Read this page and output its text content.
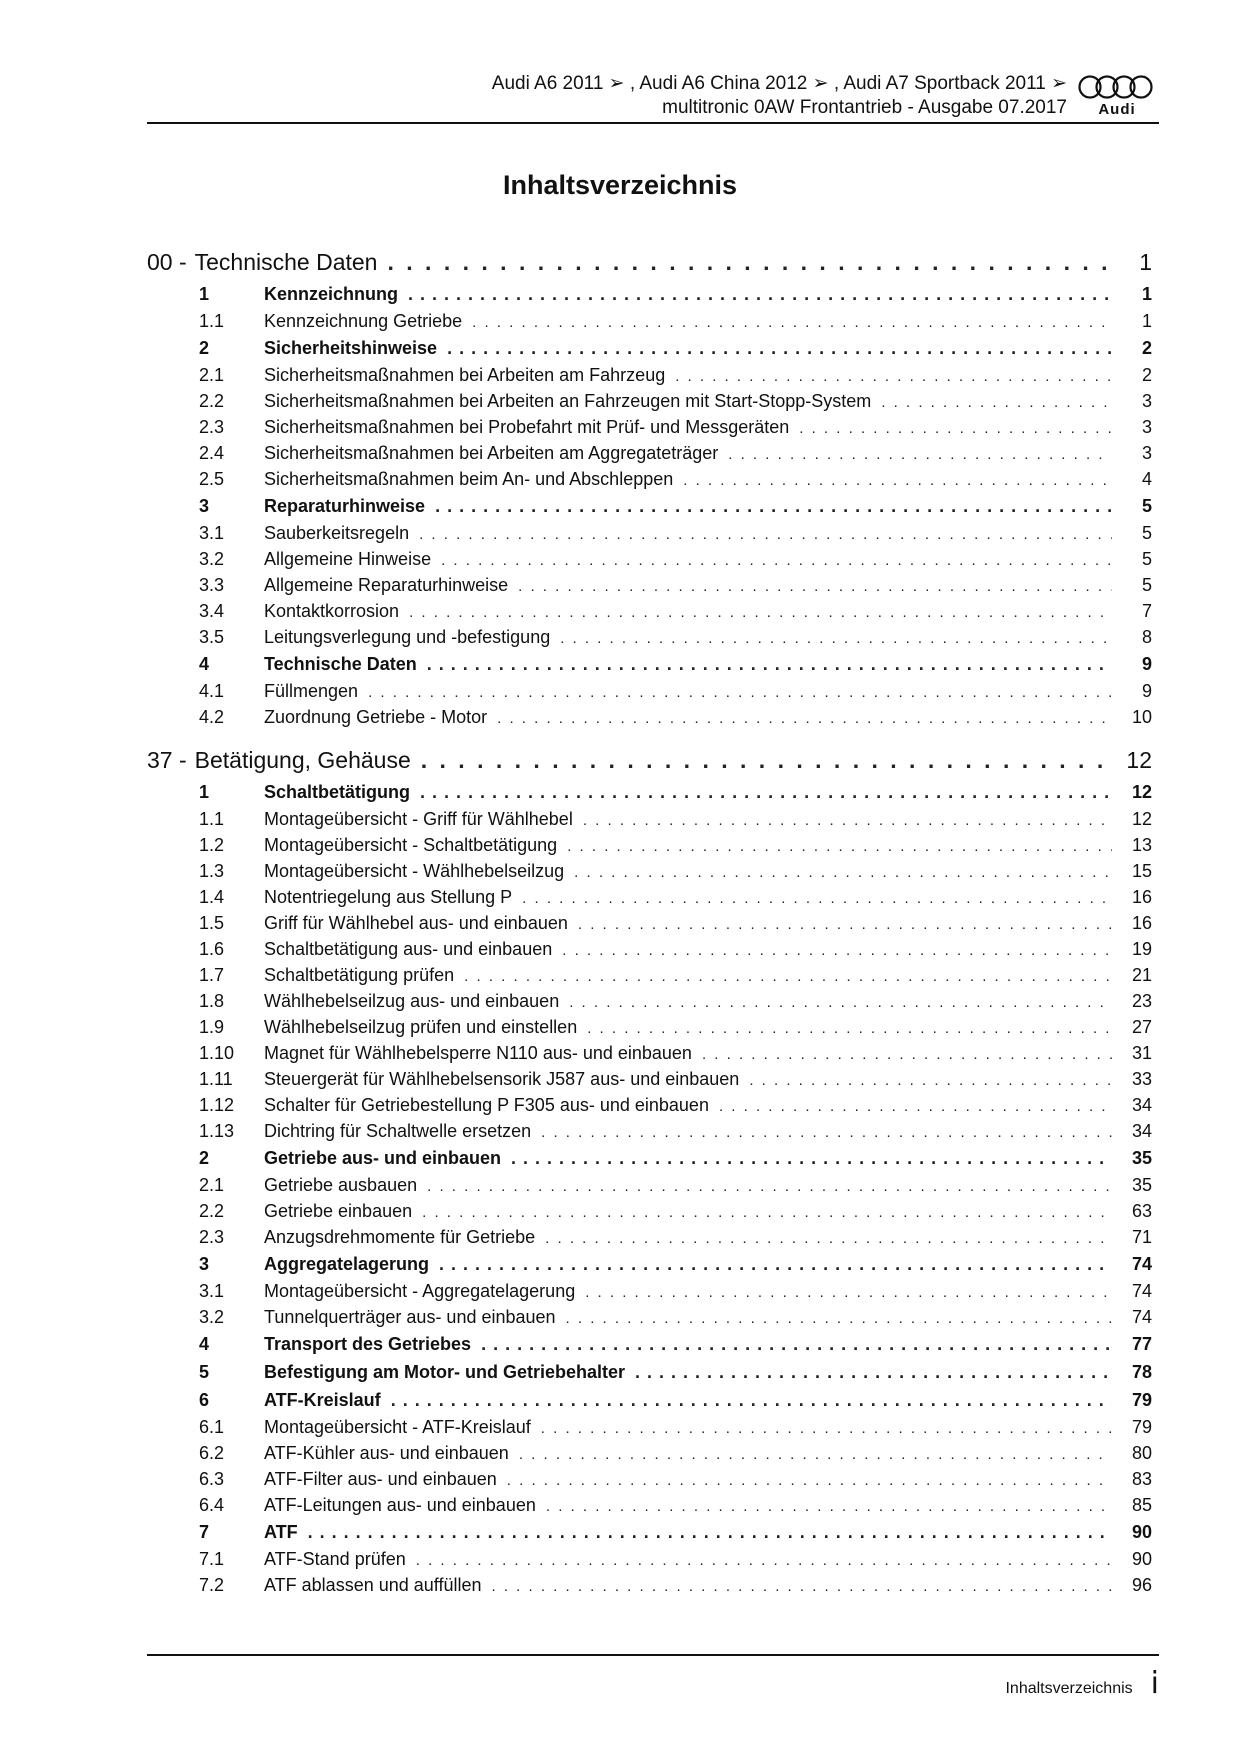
Audi A6 2011 ➢ , Audi A6 China 2012 ➢ , Audi A7 Sportback 2011 ➢
multitronic 0AW Frontantrieb - Ausgabe 07.2017	Audi
Inhaltsverzeichnis
00 - Technische Daten . . .	1
1	Kennzeichnung . . .	1
1.1	Kennzeichnung Getriebe . . .	1
2	Sicherheitshinweise . . .	2
2.1	Sicherheitsmaßnahmen bei Arbeiten am Fahrzeug . . .	2
2.2	Sicherheitsmaßnahmen bei Arbeiten an Fahrzeugen mit Start-Stopp-System . . .	3
2.3	Sicherheitsmaßnahmen bei Probefahrt mit Prüf- und Messgeräten . . .	3
2.4	Sicherheitsmaßnahmen bei Arbeiten am Aggregateträger . . .	3
2.5	Sicherheitsmaßnahmen beim An- und Abschleppen . . .	4
3	Reparaturhinweise . . .	5
3.1	Sauberkeitsregeln . . .	5
3.2	Allgemeine Hinweise . . .	5
3.3	Allgemeine Reparaturhinweise . . .	5
3.4	Kontaktkorrosion . . .	7
3.5	Leitungsverlegung und -befestigung . . .	8
4	Technische Daten . . .	9
4.1	Füllmengen . . .	9
4.2	Zuordnung Getriebe - Motor . . .	10
37 - Betätigung, Gehäuse . . .	12
1	Schaltbetätigung . . .	12
1.1	Montageübersicht - Griff für Wählhebel . . .	12
1.2	Montageübersicht - Schaltbetätigung . . .	13
1.3	Montageübersicht - Wählhebelseilzug . . .	15
1.4	Notentriegelung aus Stellung P . . .	16
1.5	Griff für Wählhebel aus- und einbauen . . .	16
1.6	Schaltbetätigung aus- und einbauen . . .	19
1.7	Schaltbetätigung prüfen . . .	21
1.8	Wählhebelseilzug aus- und einbauen . . .	23
1.9	Wählhebelseilzug prüfen und einstellen . . .	27
1.10	Magnet für Wählhebelsperre N110 aus- und einbauen . . .	31
1.11	Steuergerät für Wählhebelsensorik J587 aus- und einbauen . . .	33
1.12	Schalter für Getriebestellung P F305 aus- und einbauen . . .	34
1.13	Dichtring für Schaltwelle ersetzen . . .	34
2	Getriebe aus- und einbauen . . .	35
2.1	Getriebe ausbauen . . .	35
2.2	Getriebe einbauen . . .	63
2.3	Anzugsdrehmomente für Getriebe . . .	71
3	Aggregatelagerung . . .	74
3.1	Montageübersicht - Aggregatelagerung . . .	74
3.2	Tunnelquerträger aus- und einbauen . . .	74
4	Transport des Getriebes . . .	77
5	Befestigung am Motor- und Getriebehalter . . .	78
6	ATF-Kreislauf . . .	79
6.1	Montageübersicht - ATF-Kreislauf . . .	79
6.2	ATF-Kühler aus- und einbauen . . .	80
6.3	ATF-Filter aus- und einbauen . . .	83
6.4	ATF-Leitungen aus- und einbauen . . .	85
7	ATF . . .	90
7.1	ATF-Stand prüfen . . .	90
7.2	ATF ablassen und auffüllen . . .	96
Inhaltsverzeichnis i
